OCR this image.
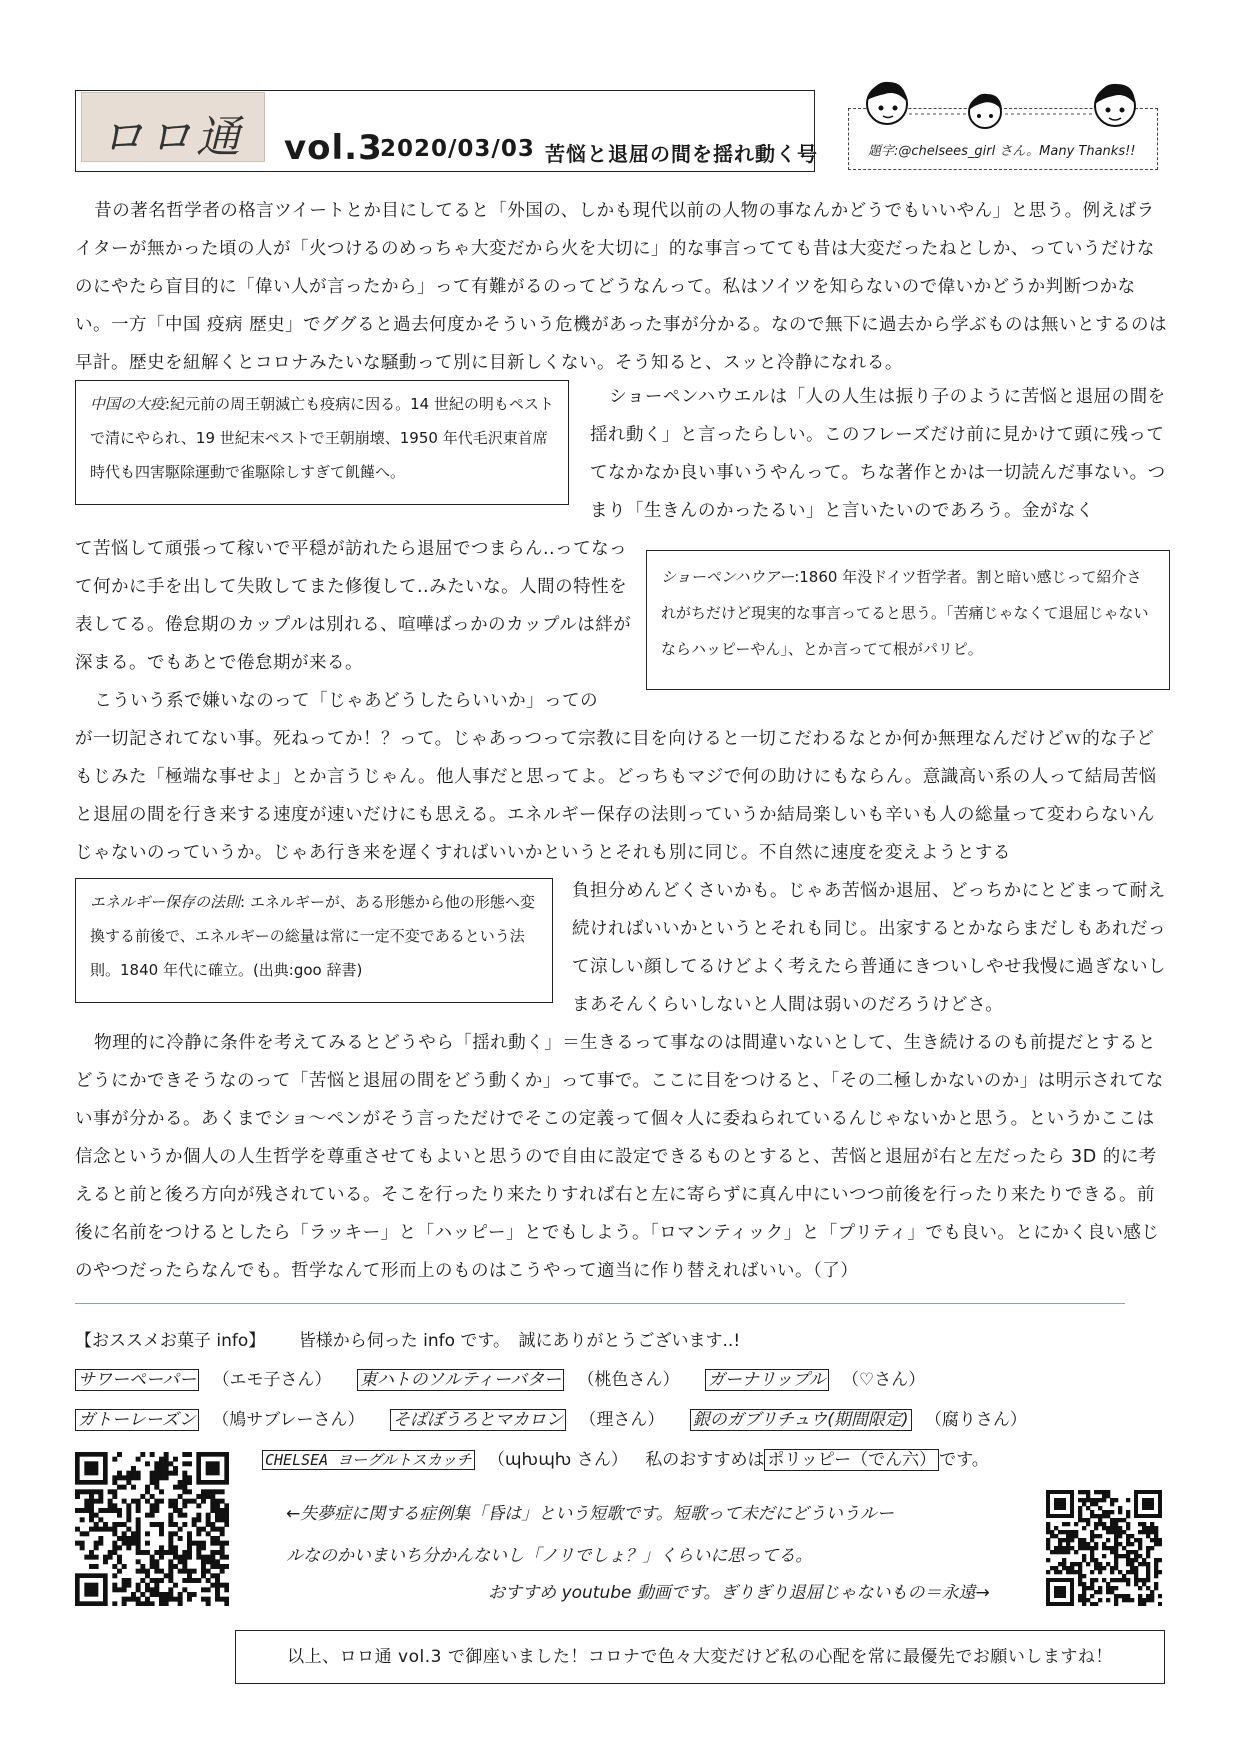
ロロ通 vol.3
2020/03/03 苦悩と退屈の間を揺れ動く号	題字:@chelsees_girl さん。Many Thanks!!

昔の著名哲学者の格言ツイートとか目にしてると「外国の、しかも現代以前の人物の事なんかどうでもいいやん」と思う。例えばライターが無かった頃の人が「火つけるのめっちゃ大変だから火を大切に」的な事言ってても昔は大変だったねとしか、っていうだけなのにやたら盲目的に「偉い人が言ったから」って有難がるのってどうなんって。私はソイツを知らないので偉いかどうか判断つかない。一方「中国 疫病 歴史」でググると過去何度かそういう危機があった事が分かる。なので無下に過去から学ぶものは無いとするのは早計。歴史を紐解くとコロナみたいな騒動って別に目新しくない。そう知ると、スッと冷静になれる。

中国の大疫:紀元前の周王朝滅亡も疫病に因る。14 世紀の明もペストで清にやられ、19 世紀末ペストで王朝崩壊、1950 年代毛沢東首席時代も四害駆除運動で雀駆除しすぎて飢饉へ。

ショーペンハウエルは「人の人生は振り子のように苦悩と退屈の間を揺れ動く」と言ったらしい。このフレーズだけ前に見かけて頭に残っててなかなか良い事いうやんって。ちな著作とかは一切読んだ事ない。つまり「生きんのかったるい」と言いたいのであろう。金がなく

て苦悩して頑張って稼いで平穏が訪れたら退屈でつまらん..ってなって何かに手を出して失敗してまた修復して..みたいな。人間の特性を表してる。倦怠期のカップルは別れる、喧嘩ばっかのカップルは絆が深まる。でもあとで倦怠期が来る。

ショーペンハウアー:1860 年没ドイツ哲学者。割と暗い感じって紹介されがちだけど現実的な事言ってると思う。「苦痛じゃなくて退屈じゃないならハッピーやん」、とか言ってて根がパリピ。

こういう系で嫌いなのって「じゃあどうしたらいいか」っての

が一切記されてない事。死ねってか！？って。じゃあっつって宗教に目を向けると一切こだわるなとか何か無理なんだけどｗ的な子どもじみた「極端な事せよ」とか言うじゃん。他人事だと思ってよ。どっちもマジで何の助けにもならん。意識高い系の人って結局苦悩と退屈の間を行き来する速度が速いだけにも思える。エネルギー保存の法則っていうか結局楽しいも辛いも人の総量って変わらないんじゃないのっていうか。じゃあ行き来を遅くすればいいかというとそれも別に同じ。不自然に速度を変えようとする

エネルギー保存の法則: エネルギーが、ある形態から他の形態へ変換する前後で、エネルギーの総量は常に一定不変であるという法則。1840 年代に確立。(出典:goo 辞書)

負担分めんどくさいかも。じゃあ苦悩か退屈、どっちかにとどまって耐え続ければいいかというとそれも同じ。出家するとかならまだしもあれだって涼しい顔してるけどよく考えたら普通にきついしやせ我慢に過ぎないしまあそんくらいしないと人間は弱いのだろうけどさ。

物理的に冷静に条件を考えてみるとどうやら「揺れ動く」＝生きるって事なのは間違いないとして、生き続けるのも前提だとするとどうにかできそうなのって「苦悩と退屈の間をどう動くか」って事で。ここに目をつけると、「その二極しかないのか」は明示されてない事が分かる。あくまでショ～ペンがそう言っただけでそこの定義って個々人に委ねられているんじゃないかと思う。というかここは信念というか個人の人生哲学を尊重させてもよいと思うので自由に設定できるものとすると、苦悩と退屈が右と左だったら 3D 的に考えると前と後ろ方向が残されている。そこを行ったり来たりすれば右と左に寄らずに真ん中にいつつ前後を行ったり来たりできる。前後に名前をつけるとしたら「ラッキー」と「ハッピー」とでもしよう。「ロマンティック」と「プリティ」でも良い。とにかく良い感じのやつだったらなんでも。哲学なんて形而上のものはこうやって適当に作り替えればいい。（了）

【おススメお菓子 info】 皆様から伺った info です。　誠にありがとうございます..!
サワーペーパー （エモ子さん） 東ハトのソルティーバター （桃色さん） ガーナリップル （♡さん）
ガトーレーズン （鳩サブレーさん） そばぼうろとマカロン （理さん） 銀のガブリチュウ(期間限定) （腐りさん）
CHELSEA ヨーグルトスカッチ （ɰƕɰƕ さん） 私のおすすめは ポリッピー（でん六） です。
←失夢症に関する症例集「昏は」という短歌です。短歌って未だにどういうルー
ルなのかいまいち分かんないし「ノリでしょ？」くらいに思ってる。
おすすめ youtube 動画です。ぎりぎり退屈じゃないもの＝永遠→
以上、ロロ通 vol.3 で御座いました！コロナで色々大変だけど私の心配を常に最優先でお願いしますね！
